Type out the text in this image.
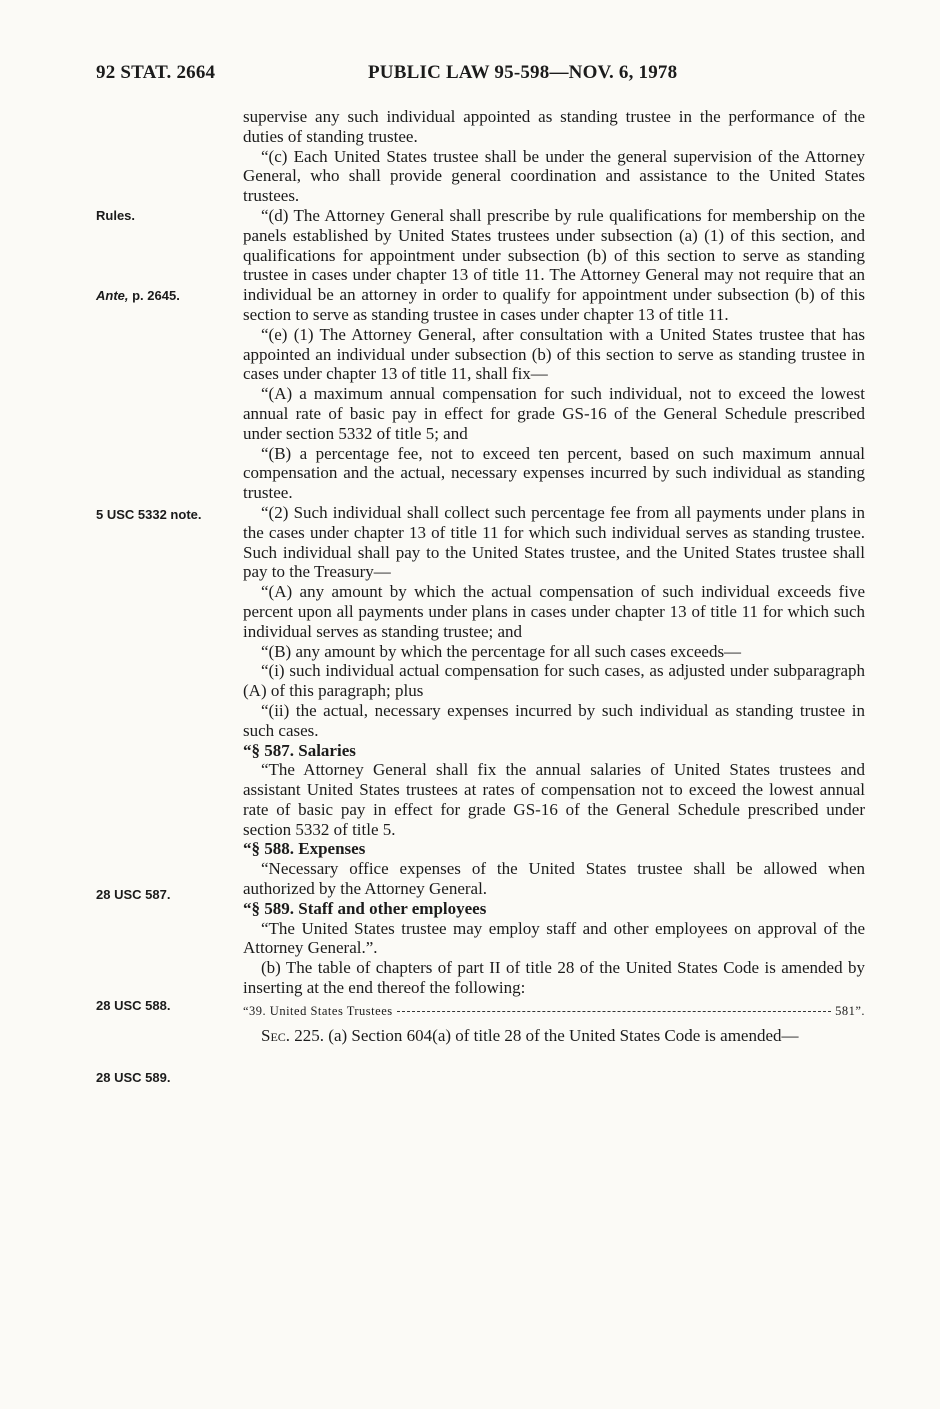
92 STAT. 2664	PUBLIC LAW 95-598—NOV. 6, 1978
Rules.
Ante, p. 2645.
5 USC 5332 note.
28 USC 587.
28 USC 588.
28 USC 589.

supervise any such individual appointed as standing trustee in the performance of the duties of standing trustee.

“(c) Each United States trustee shall be under the general supervision of the Attorney General, who shall provide general coordination and assistance to the United States trustees.

“(d) The Attorney General shall prescribe by rule qualifications for membership on the panels established by United States trustees under subsection (a) (1) of this section, and qualifications for appointment under subsection (b) of this section to serve as standing trustee in cases under chapter 13 of title 11. The Attorney General may not require that an individual be an attorney in order to qualify for appointment under subsection (b) of this section to serve as standing trustee in cases under chapter 13 of title 11.

“(e) (1) The Attorney General, after consultation with a United States trustee that has appointed an individual under subsection (b) of this section to serve as standing trustee in cases under chapter 13 of title 11, shall fix—

“(A) a maximum annual compensation for such individual, not to exceed the lowest annual rate of basic pay in effect for grade GS-16 of the General Schedule prescribed under section 5332 of title 5; and

“(B) a percentage fee, not to exceed ten percent, based on such maximum annual compensation and the actual, necessary expenses incurred by such individual as standing trustee.

“(2) Such individual shall collect such percentage fee from all payments under plans in the cases under chapter 13 of title 11 for which such individual serves as standing trustee. Such individual shall pay to the United States trustee, and the United States trustee shall pay to the Treasury—

“(A) any amount by which the actual compensation of such individual exceeds five percent upon all payments under plans in cases under chapter 13 of title 11 for which such individual serves as standing trustee; and

“(B) any amount by which the percentage for all such cases exceeds—

“(i) such individual actual compensation for such cases, as adjusted under subparagraph (A) of this paragraph; plus

“(ii) the actual, necessary expenses incurred by such individual as standing trustee in such cases.

“§ 587. Salaries

“The Attorney General shall fix the annual salaries of United States trustees and assistant United States trustees at rates of compensation not to exceed the lowest annual rate of basic pay in effect for grade GS-16 of the General Schedule prescribed under section 5332 of title 5.

“§ 588. Expenses

“Necessary office expenses of the United States trustee shall be allowed when authorized by the Attorney General.

“§ 589. Staff and other employees

“The United States trustee may employ staff and other employees on approval of the Attorney General.”.

(b) The table of chapters of part II of title 28 of the United States Code is amended by inserting at the end thereof the following:

“39. United States Trustees	581”.

Sec. 225. (a) Section 604(a) of title 28 of the United States Code is amended—
